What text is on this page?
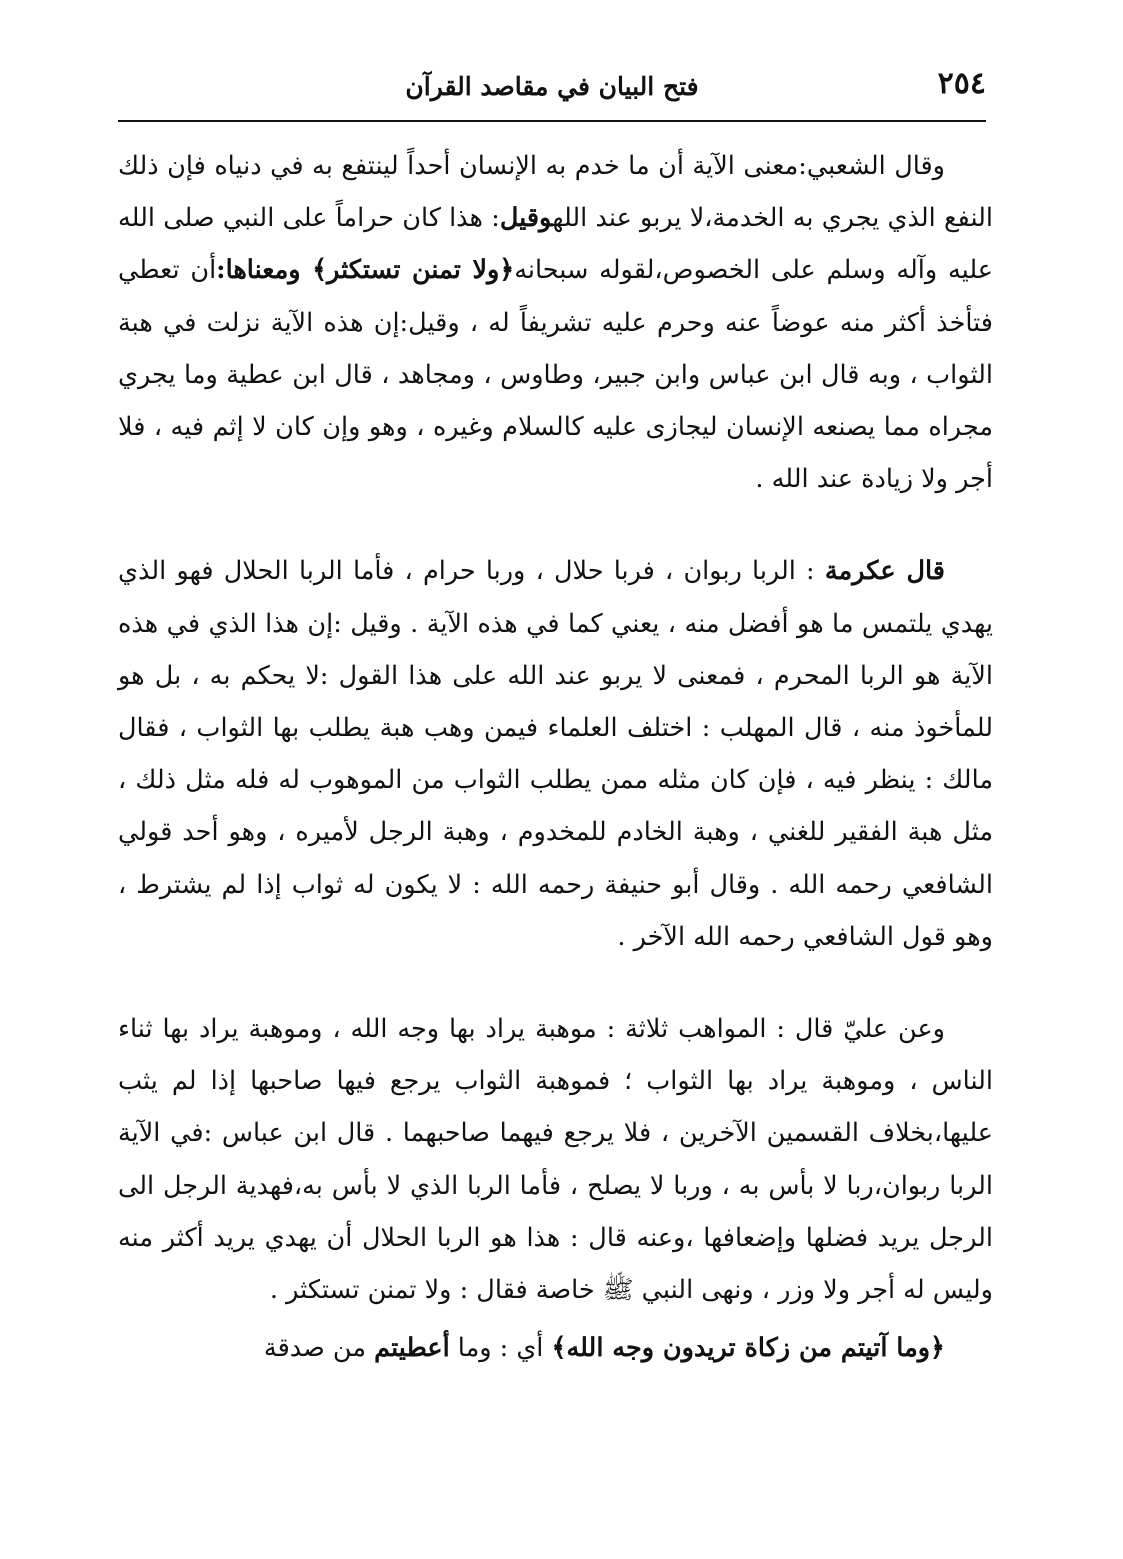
٢٥٤
فتح البيان في مقاصد القرآن

وقال الشعبي:معنى الآية أن ما خدم به الإنسان أحداً لينتفع به في دنياه فإن ذلك النفع الذي يجري به الخدمة،لا يربو عند اللهوقيل: هذا كان حراماً على النبي صلى الله عليه وآله وسلم على الخصوص،لقوله سبحانه﴿ولا تمنن تستكثر﴾ ومعناها:أن تعطي فتأخذ أكثر منه عوضاً عنه وحرم عليه تشريفاً له ، وقيل:إن هذه الآية نزلت في هبة الثواب ، وبه قال ابن عباس وابن جبير، وطاوس ، ومجاهد ، قال ابن عطية وما يجري مجراه مما يصنعه الإنسان ليجازى عليه كالسلام وغيره ، وهو وإن كان لا إثم فيه ، فلا أجر ولا زيادة عند الله .

قال عكرمة : الربا ربوان ، فربا حلال ، وربا حرام ، فأما الربا الحلال فهو الذي يهدي يلتمس ما هو أفضل منه ، يعني كما في هذه الآية . وقيل :إن هذا الذي في هذه الآية هو الربا المحرم ، فمعنى لا يربو عند الله على هذا القول :لا يحكم به ، بل هو للمأخوذ منه ، قال المهلب : اختلف العلماء فيمن وهب هبة يطلب بها الثواب ، فقال مالك : ينظر فيه ، فإن كان مثله ممن يطلب الثواب من الموهوب له فله مثل ذلك ، مثل هبة الفقير للغني ، وهبة الخادم للمخدوم ، وهبة الرجل لأميره ، وهو أحد قولي الشافعي رحمه الله . وقال أبو حنيفة رحمه الله : لا يكون له ثواب إذا لم يشترط ، وهو قول الشافعي رحمه الله الآخر .

وعن عليّ قال : المواهب ثلاثة : موهبة يراد بها وجه الله ، وموهبة يراد بها ثناء الناس ، وموهبة يراد بها الثواب ؛ فموهبة الثواب يرجع فيها صاحبها إذا لم يثب عليها،بخلاف القسمين الآخرين ، فلا يرجع فيهما صاحبهما . قال ابن عباس :في الآية الربا ربوان،ربا لا بأس به ، وربا لا يصلح ، فأما الربا الذي لا بأس به،فهدية الرجل الى الرجل يريد فضلها وإضعافها ،وعنه قال : هذا هو الربا الحلال أن يهدي يريد أكثر منه وليس له أجر ولا وزر ، ونهى النبي ﷺ خاصة فقال : ولا تمنن تستكثر .

﴿وما آتيتم من زكاة تريدون وجه الله﴾ أي : وما أعطيتم من صدقة
